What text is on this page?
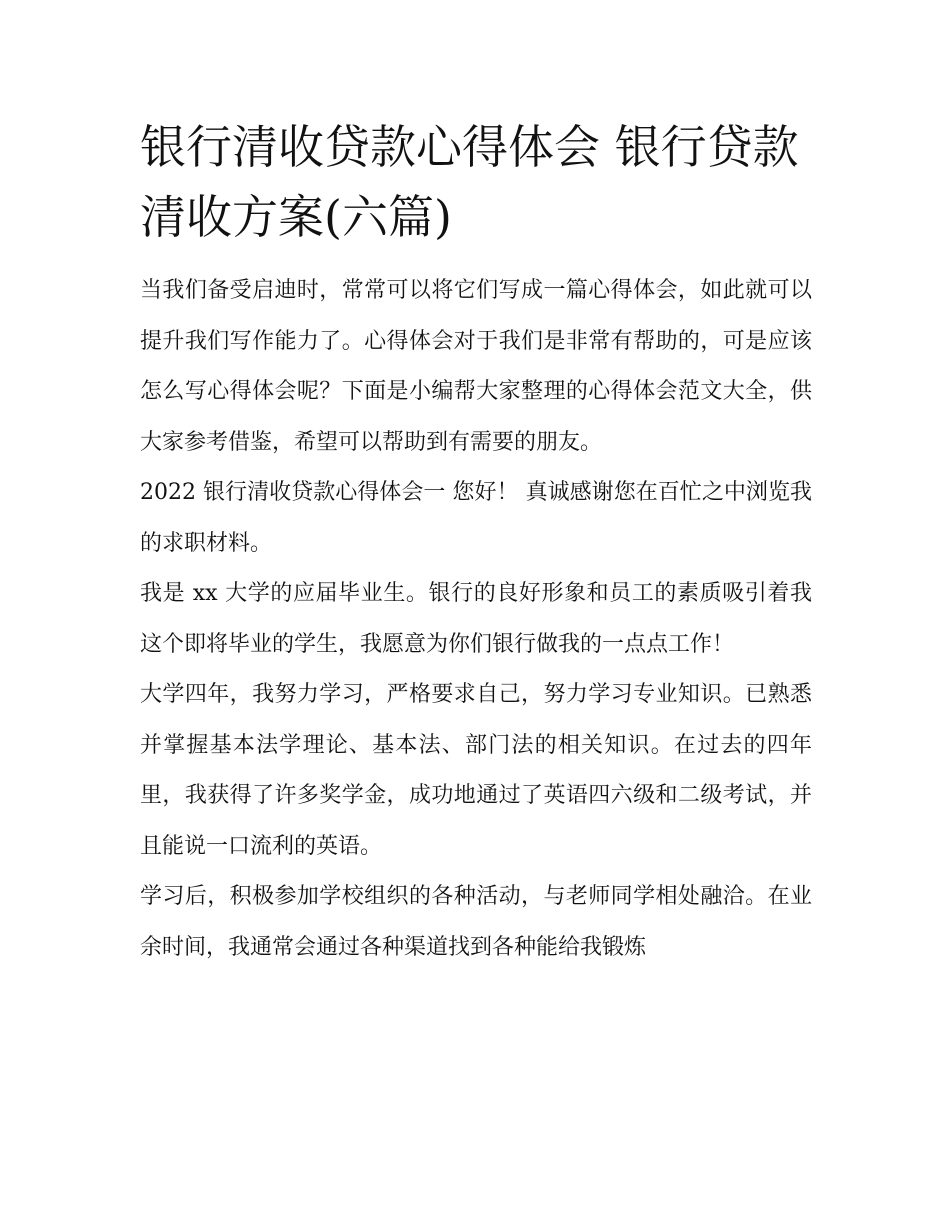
银行清收贷款心得体会 银行贷款清收方案(六篇)

当我们备受启迪时，常常可以将它们写成一篇心得体会，如此就可以提升我们写作能力了。心得体会对于我们是非常有帮助的，可是应该怎么写心得体会呢？下面是小编帮大家整理的心得体会范文大全，供大家参考借鉴，希望可以帮助到有需要的朋友。

2022 银行清收贷款心得体会一 您好！ 真诚感谢您在百忙之中浏览我的求职材料。

我是 xx 大学的应届毕业生。银行的良好形象和员工的素质吸引着我这个即将毕业的学生，我愿意为你们银行做我的一点点工作！

大学四年，我努力学习，严格要求自己，努力学习专业知识。已熟悉并掌握基本法学理论、基本法、部门法的相关知识。在过去的四年里，我获得了许多奖学金，成功地通过了英语四六级和二级考试，并且能说一口流利的英语。

学习后，积极参加学校组织的各种活动，与老师同学相处融洽。在业余时间，我通常会通过各种渠道找到各种能给我锻炼
